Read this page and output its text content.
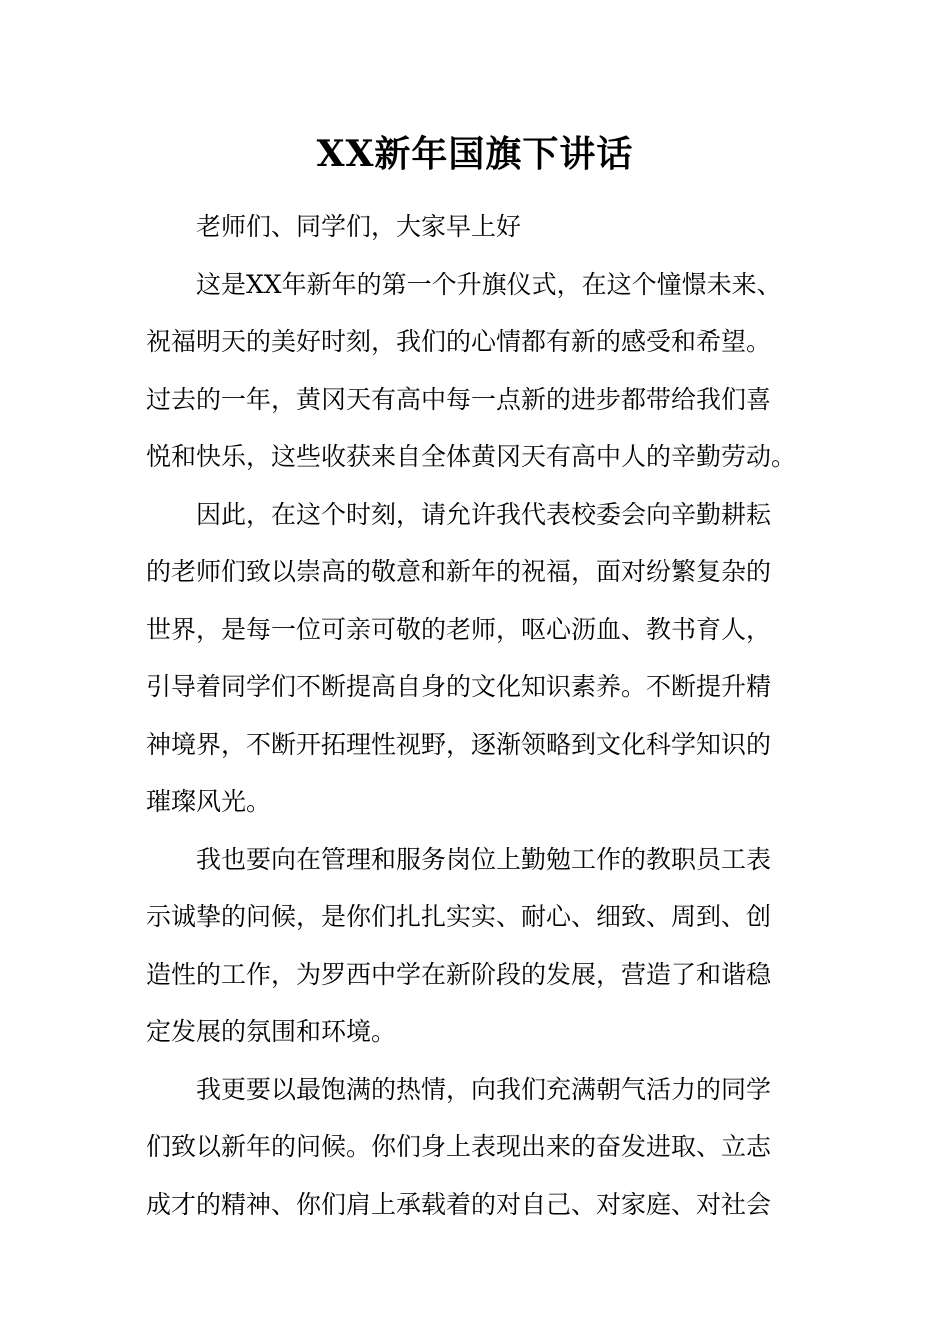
XX新年国旗下讲话
老师们、同学们，大家早上好
这是XX年新年的第一个升旗仪式，在这个憧憬未来、
祝福明天的美好时刻，我们的心情都有新的感受和希望。
过去的一年，黄冈天有高中每一点新的进步都带给我们喜
悦和快乐，这些收获来自全体黄冈天有高中人的辛勤劳动。
因此，在这个时刻，请允许我代表校委会向辛勤耕耘
的老师们致以崇高的敬意和新年的祝福，面对纷繁复杂的
世界，是每一位可亲可敬的老师，呕心沥血、教书育人，
引导着同学们不断提高自身的文化知识素养。不断提升精
神境界，不断开拓理性视野，逐渐领略到文化科学知识的
璀璨风光。
我也要向在管理和服务岗位上勤勉工作的教职员工表
示诚挚的问候，是你们扎扎实实、耐心、细致、周到、创
造性的工作，为罗西中学在新阶段的发展，营造了和谐稳
定发展的氛围和环境。
我更要以最饱满的热情，向我们充满朝气活力的同学
们致以新年的问候。你们身上表现出来的奋发进取、立志
成才的精神、你们肩上承载着的对自己、对家庭、对社会
